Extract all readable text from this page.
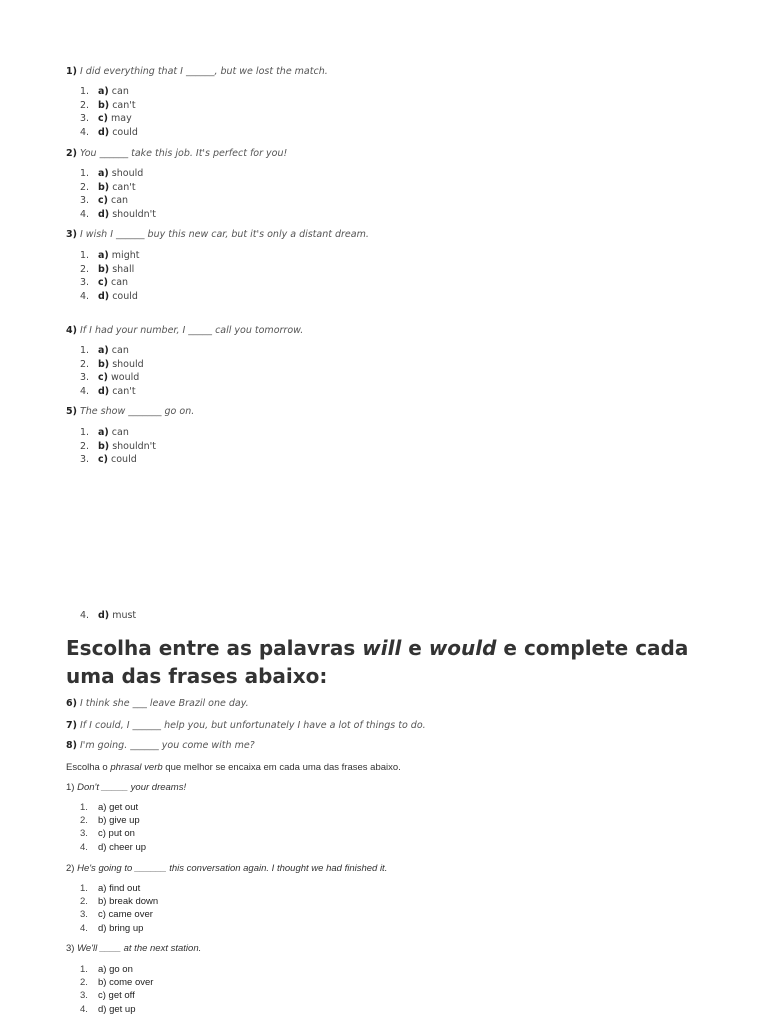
1) I did everything that I ______, but we lost the match.
1. a) can
2. b) can't
3. c) may
4. d) could
2) You ______ take this job. It's perfect for you!
1. a) should
2. b) can't
3. c) can
4. d) shouldn't
3) I wish I ______ buy this new car, but it's only a distant dream.
1. a) might
2. b) shall
3. c) can
4. d) could
4) If I had your number, I _____ call you tomorrow.
1. a) can
2. b) should
3. c) would
4. d) can't
5) The show _______ go on.
1. a) can
2. b) shouldn't
3. c) could
4. d) must
Escolha entre as palavras will e would e complete cada uma das frases abaixo:
6) I think she ___ leave Brazil one day.
7) If I could, I ______ help you, but unfortunately I have a lot of things to do.
8) I'm going. ______ you come with me?
Escolha o phrasal verb que melhor se encaixa em cada uma das frases abaixo.
1) Don't _____ your dreams!
1. a) get out
2. b) give up
3. c) put on
4. d) cheer up
2) He's going to ______ this conversation again. I thought we had finished it.
1. a) find out
2. b) break down
3. c) came over
4. d) bring up
3) We'll ____ at the next station.
1. a) go on
2. b) come over
3. c) get off
4. d) get up
